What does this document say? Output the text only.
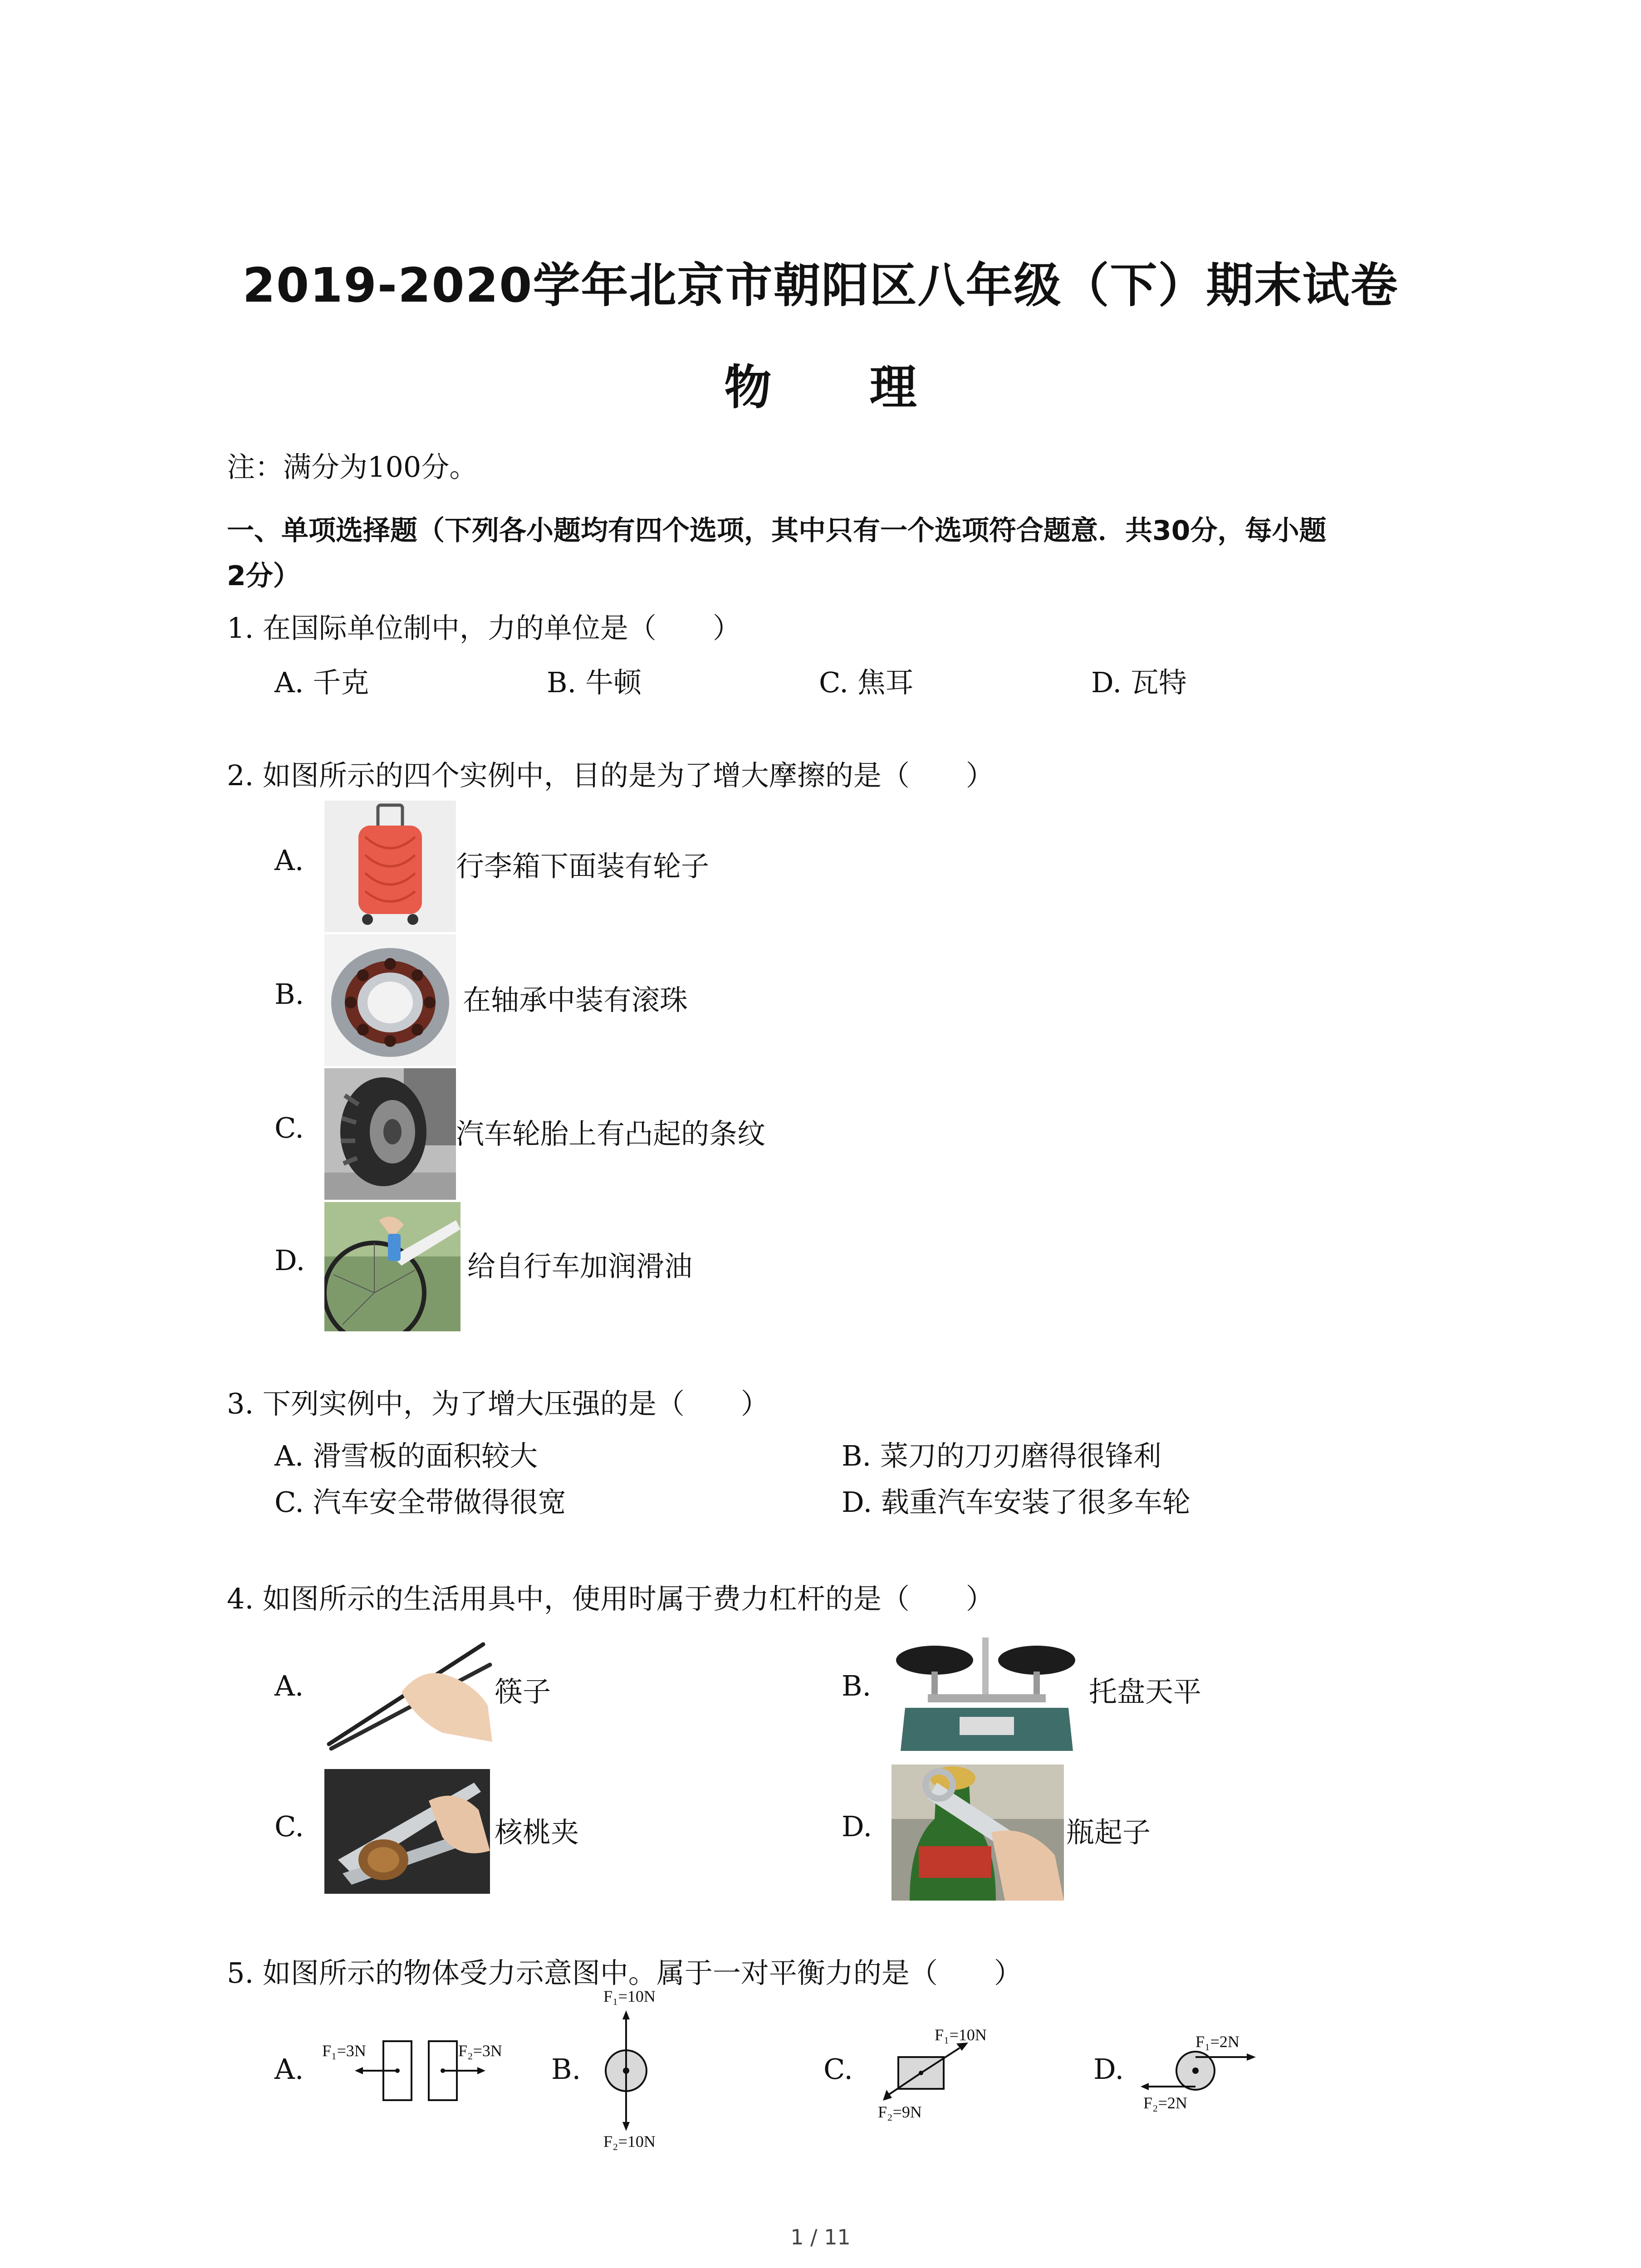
2019-2020学年北京市朝阳区八年级（下）期末试卷
物 理
注：满分为100分。
一、单项选择题（下列各小题均有四个选项，其中只有一个选项符合题意．共30分，每小题
2分）
1. 在国际单位制中，力的单位是（　　）
A. 千克	B. 牛顿	C. 焦耳	D. 瓦特
2. 如图所示的四个实例中，目的是为了增大摩擦的是（　　）
A.	行李箱下面装有轮子
B.	在轴承中装有滚珠
C.	汽车轮胎上有凸起的条纹
D.	给自行车加润滑油
3. 下列实例中，为了增大压强的是（　　）
A. 滑雪板的面积较大	B. 菜刀的刀刃磨得很锋利
C. 汽车安全带做得很宽	D. 载重汽车安装了很多车轮
4. 如图所示的生活用具中，使用时属于费力杠杆的是（　　）
A.	筷子	B.	托盘天平
C.	核桃夹	D.	瓶起子
5. 如图所示的物体受力示意图中。属于一对平衡力的是（　　）
A.
F₁=3N	F₂=3N
B.
F₁=10N
F₂=10N
C.
F₁=10N
F₂=9N
D.
F₁=2N
F₂=2N
1 / 11
